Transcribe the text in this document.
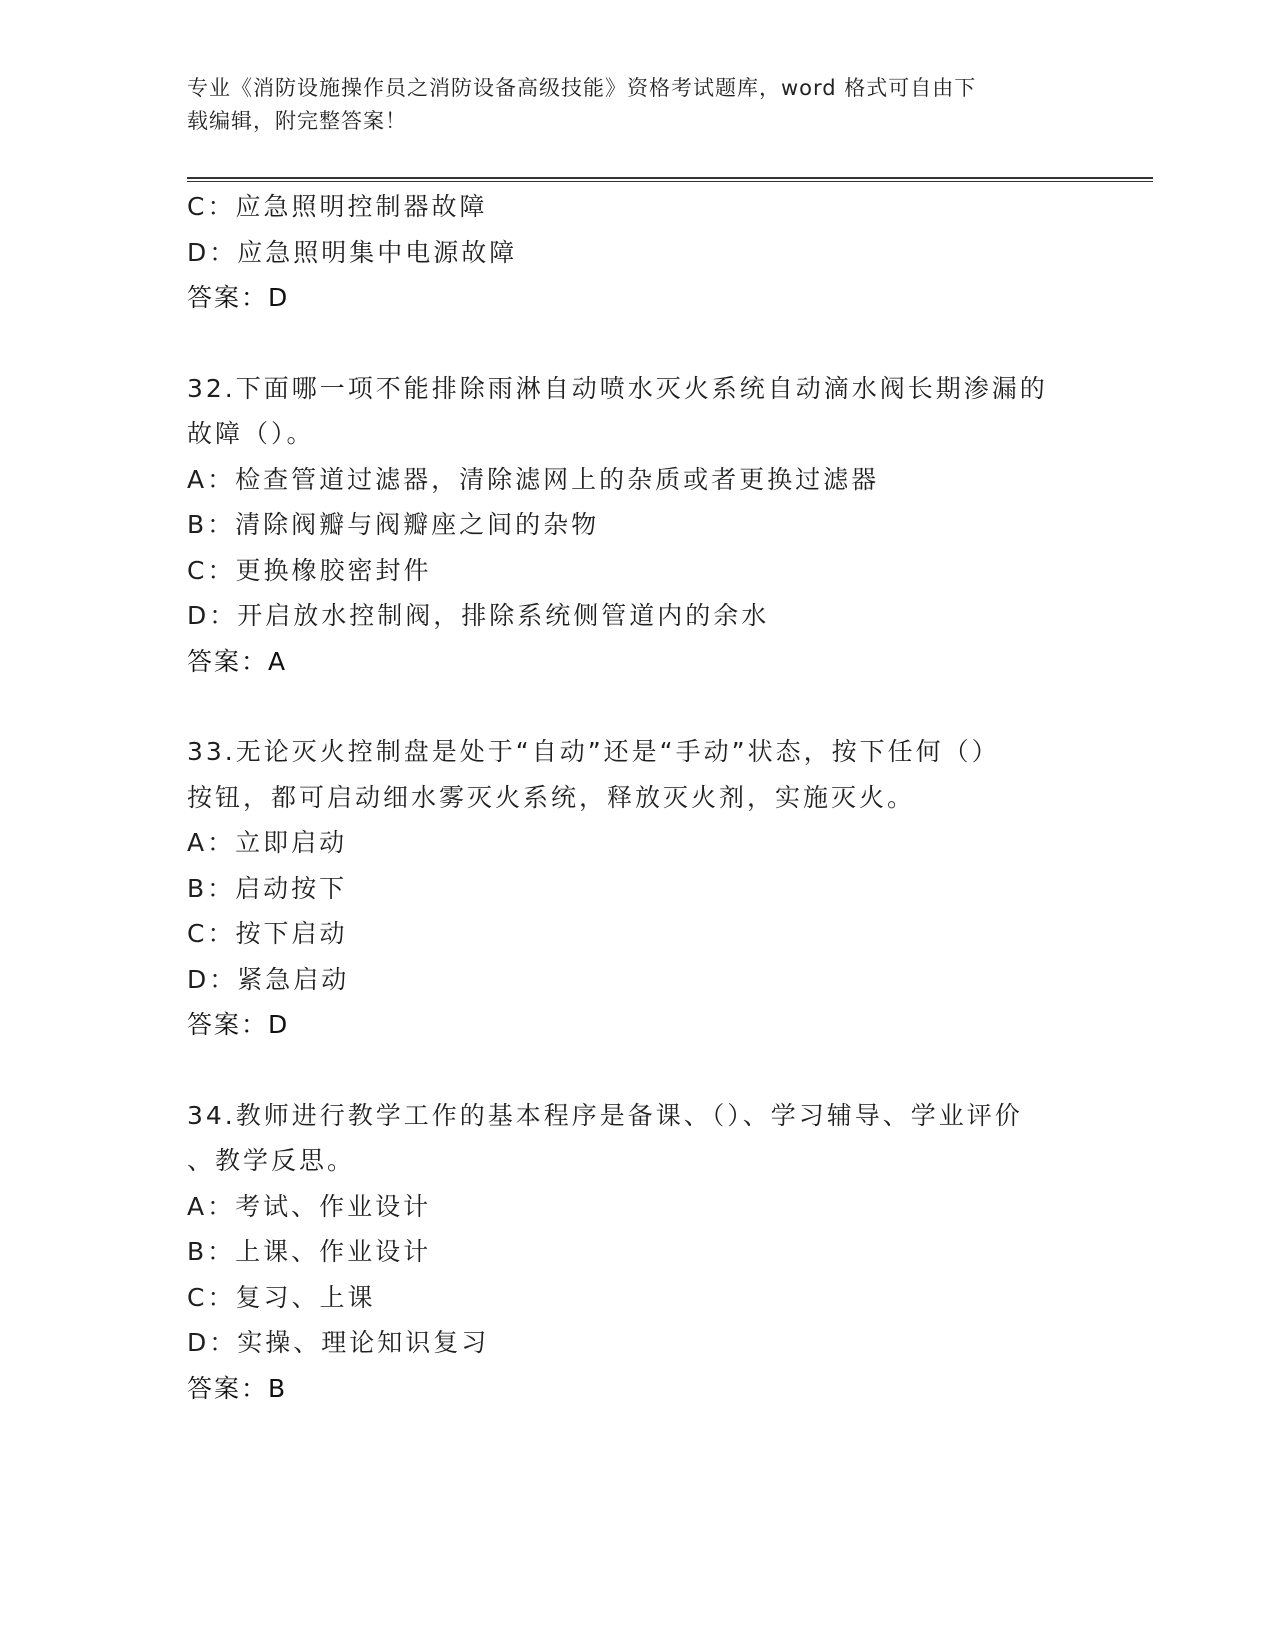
专业《消防设施操作员之消防设备高级技能》资格考试题库，word 格式可自由下
载编辑，附完整答案！
C：应急照明控制器故障
D：应急照明集中电源故障
答案：D
32.下面哪一项不能排除雨淋自动喷水灭火系统自动滴水阀长期渗漏的
故障（）。
A：检查管道过滤器，清除滤网上的杂质或者更换过滤器
B：清除阀瓣与阀瓣座之间的杂物
C：更换橡胶密封件
D：开启放水控制阀，排除系统侧管道内的余水
答案：A
33.无论灭火控制盘是处于“自动”还是“手动”状态，按下任何（）
按钮，都可启动细水雾灭火系统，释放灭火剂，实施灭火。
A：立即启动
B：启动按下
C：按下启动
D：紧急启动
答案：D
34.教师进行教学工作的基本程序是备课、（）、学习辅导、学业评价
、教学反思。
A：考试、作业设计
B：上课、作业设计
C：复习、上课
D：实操、理论知识复习
答案：B
